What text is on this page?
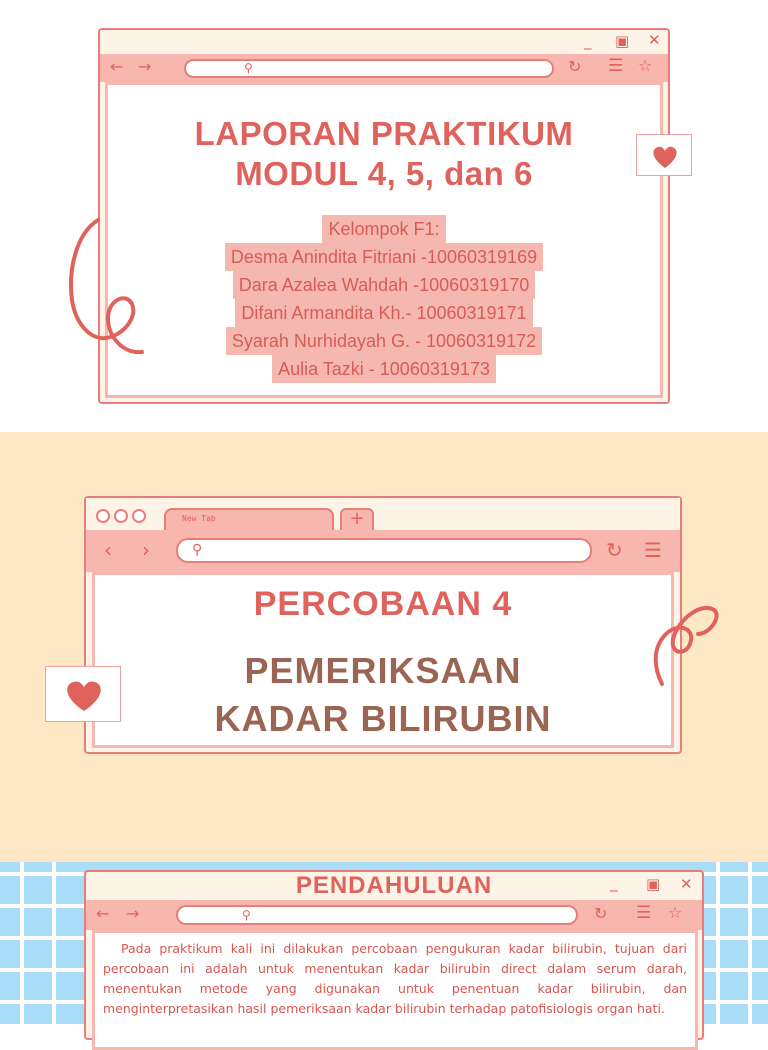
_ ▣ ✕
← →	⚲	↻ ☰ ☆
LAPORAN PRAKTIKUM
MODUL 4, 5, dan 6
Kelompok F1:
Desma Anindita Fitriani -10060319169
Dara Azalea Wahdah -10060319170
Difani Armandita Kh.- 10060319171
Syarah Nurhidayah G. - 10060319172
Aulia Tazki - 10060319173
New Tab	+
‹ ›	⚲	↻ ☰
PERCOBAAN 4
PEMERIKSAAN
KADAR BILIRUBIN
PENDAHULUAN	_ ▣ ✕
← →	⚲	↻ ☰ ☆

Pada praktikum kali ini dilakukan percobaan pengukuran kadar bilirubin, tujuan dari percobaan ini adalah untuk menentukan kadar bilirubin direct dalam serum darah, menentukan metode yang digunakan untuk penentuan kadar bilirubin, dan menginterpretasikan hasil pemeriksaan kadar bilirubin terhadap patofisiologis organ hati.
